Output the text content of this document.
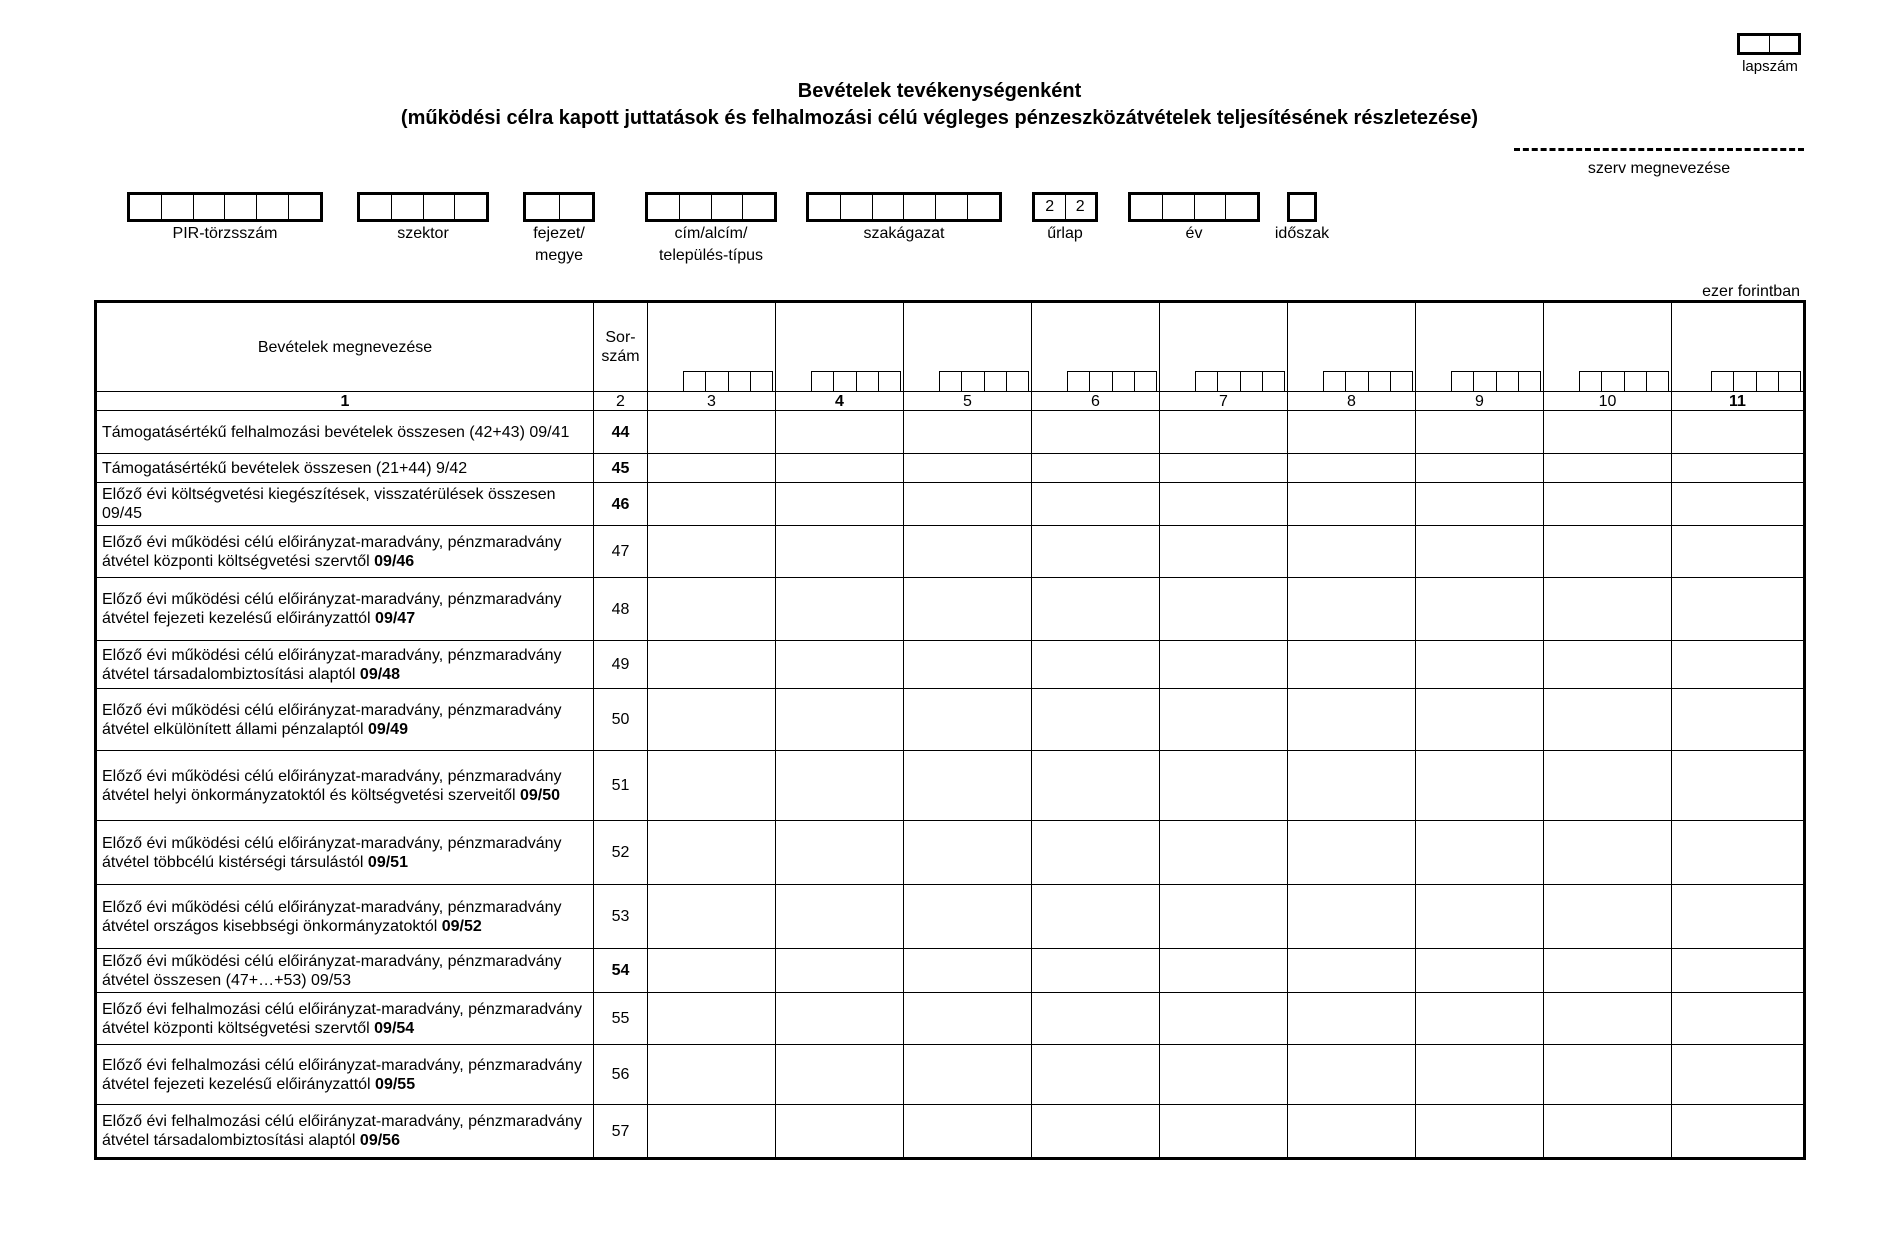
lapszám
Bevételek tevékenységenként
(működési célra kapott juttatások és felhalmozási célú végleges pénzeszközátvételek teljesítésének részletezése)
szerv megnevezése
PIR-törzsszám	szektor	fejezet/
megye
cím/alcím/
település-típus
szakágazat
2	2
űrlap	év	időszak
ezer forintban
Bevételek megnevezése	Sor-
szám	

1	2	3	4	5	6	7	8	9	10	11
Támogatásértékű felhalmozási bevételek összesen (42+43) 09/41	44									
Támogatásértékű bevételek összesen (21+44) 9/42	45									
Előző évi költségvetési kiegészítések, visszatérülések összesen 09/45	46									
Előző évi működési célú előirányzat-maradvány, pénzmaradvány átvétel központi költségvetési szervtől 09/46	47									
Előző évi működési célú előirányzat-maradvány, pénzmaradvány átvétel fejezeti kezelésű előirányzattól 09/47	48									
Előző évi működési célú előirányzat-maradvány, pénzmaradvány átvétel társadalombiztosítási alaptól 09/48	49									
Előző évi működési célú előirányzat-maradvány, pénzmaradvány átvétel elkülönített állami pénzalaptól 09/49	50									
Előző évi működési célú előirányzat-maradvány, pénzmaradvány átvétel helyi önkormányzatoktól és költségvetési szerveitől 09/50	51									
Előző évi működési célú előirányzat-maradvány, pénzmaradvány átvétel többcélú kistérségi társulástól 09/51	52									
Előző évi működési célú előirányzat-maradvány, pénzmaradvány átvétel országos kisebbségi önkormányzatoktól 09/52	53									
Előző évi működési célú előirányzat-maradvány, pénzmaradvány átvétel összesen (47+…+53) 09/53	54									
Előző évi felhalmozási célú előirányzat-maradvány, pénzmaradvány átvétel központi költségvetési szervtől 09/54	55									
Előző évi felhalmozási célú előirányzat-maradvány, pénzmaradvány átvétel fejezeti kezelésű előirányzattól 09/55	56									
Előző évi felhalmozási célú előirányzat-maradvány, pénzmaradvány átvétel társadalombiztosítási alaptól 09/56	57									
